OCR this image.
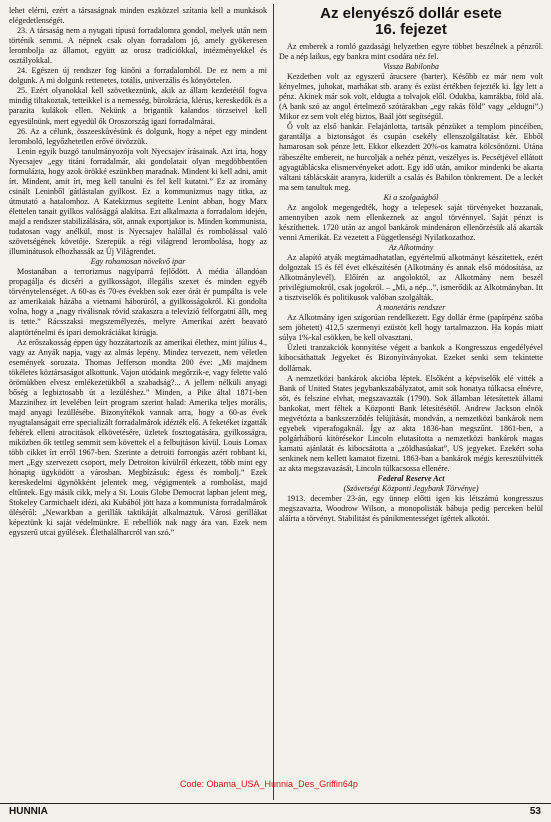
lehet elérni, ezért a társaságnak minden eszközzel szítania kell a munkások elégedetlenségét.

23. A társaság nem a nyugati típusú forradalomra gondol, melyek után nem történik semmi. A népnek csak olyan forradalom jó, amely gyökeresen lerombolja az államot, együtt az orosz tradíciókkal, intézményekkel és osztályokkal.

24. Egészen új rendszer fog kinőni a forradalomból. De ez nem a mi dolgunk. A mi dolgunk rettenetes, totális, univerzális és könyörtelen.

25. Ezért olyanokkal kell szövetkeznünk, akik az állam kezdetétől fogva mindig tiltakoztak, tetteikkel is a nemesség, bürokrácia, klérus, kereskedők és a parazita kulákok ellen. Nekünk a brigantik kalandos törzseivel kell egyesülnünk, mert egyedül ők Oroszország igazi forradalmárai.

26. Az a célunk, összeeskůvésünk és dolgunk, hogy a népet egy mindent leromboló, legyőzhetetlen erővé ötvözzük.

Lenin egyik buzgó tanulmányozója volt Nyecsajev írásainak. Azt írta, hogy Nyecsajev „egy titáni forradalmár, aki gondolatait olyan megdöbbentően formulázta, hogy azok örökké eszünkben maradnak. Mindent ki kell adni, amit írt. Mindent, amit írt, meg kell tanulni és fel kell kutatni.” Ez az irománу csinált Leninből gátlástalan gyilkost. Ez a kommunizmus nagy titka, az útmutató a hatalomhoz. A Katekizmus segítette Lenint abban, hogy Marx élettelen tanait gyilkos valósággá alakítsa. Ezt alkalmazta a forradalom idején, majd a rendszer stabilizálására, sőt, annak exportjakor is. Minden kommunista, tudatosan vagy anélkül, most is Nyecsajev halállal és rombolással való szövetségének követője. Szerepük a régi világrend lerombolása, hogy az illuminátusok elhozhassák az Új Világrendet.

Egy rohamosan növekvő ipar

Mostanában a terrorizmus nagyiparrá fejlődött. A média állandóan propagálja és dicséri a gyilkosságot, illegális szexet és minden egyéb törvénytelenséget. A 60-as és 70-es években sok ezer órát ér pumpálta is vele az amerikaiak házába a vietnami háborúról, a gyilkosságokról. Ki gondolta volna, hogy a „nagy riválisnak rövid szakaszra a televízió felforgatni állt, meg is tette.” Rácsszaksi megszemélyezés, melyre Amerikai azért beavató alaptörténelmi és ipari demokráciákat kirúgja.

Az erőszakosság éppen úgy hozzátartozik az amerikai élethez, mint július 4., vagy az Anyák napja, vagy az almás lepény. Mindez tervezett, nem véletlen események sorozata. Thomas Jefferson mondta 200 éve: „Mi majdnem tökéletes köztársaságot alkottunk. Vajon utódaink megőrzik-e, vagy felette való örömükben elvesz emlékezetükből a szabadság?... A jellem nélküli anyagi bőség a legbiztosabb út a lezüléshez.” Minden, a Pike által 1871-ben Mazzinihez írt levelében leírt program szerint halad: Amerika teljes morális, majd anyagi lezüllésébe. Bizonyítékok vannak arra, hogy a 60-as évek nyugtalanságait erre specializált forradalmárok idézték elő. A feketéket izgatták fehérek elleni atrocitások elkövetésére, üzletek fosztogatására, gyilkosságra, miközben ők tettleg semmit sem követtek el a felbujtáson kívül. Louis Lomax több cikket írt erről 1967-ben. Szerinte a detroiti forrongás azért robbant ki, mert „Egy szervezett csoport, mely Detroiton kívülről érkezett, több mint egy hónapig ügyködött a városban. Megbízásuk: égess és rombolj.” Ezek kereskedelmi ügynökként jelentek meg, végigmentek a rombolást, majd eltűntek. Egy másik cikk, mely a St. Louis Globe Democrat lapban jelent meg, Stokeley Carmichaelt idézi, aki Kubából jött haza a kommunista forradalmárok ülésérõl: „Newarkban a gerillák taktikáját alkalmaztuk. Városi gerillákat képeztünk ki saját védelmünkre. E rebelliók nak nagy ára van. Ezek nem egyszerű utcai gyűlések. Élethalálharcról van szó.”

Az elenyésző dollár esete
16. fejezet

Az emberek a romló gazdasági helyzetben egyre többet beszélnek a pénzről. De a nép laikus, egy bankra mint csodára néz fel.

Vissza Babilonba

Kezdetben volt az egyszerű árucsere (barter). Később ez már nem volt kényelmes, juhokat, marhákat stb. arany és ezüst értékben fejezték ki. Így lett a pénz. Akinek már sok volt, eldugta a tolvajok elől. Odukba, kamrákba, föld alá. (A bank szó az angol értelmező szótárakban „egy rakás föld” vagy „eldugni”.) Mikor ez sem volt elég biztos, Baál jött segítségül.

Ő volt az első bankár. Felajánlotta, tartsák pénzüket a templom pincéiben, garantálja a biztonságot és csupán csekély ellenszolgáltatást kér. Ebből hamarosan sok pénze lett. Ekkor elkezdett 20%-os kamatra kölcsönözni. Utána rábeszélte embereit, ne hurcolják a nehéz pénzt, veszélyes is. Pecsétjével ellátott agyagtáblácska elismervényeket adott. Egy idő után, amikor mindenki be akarta váltani táblácskáit aranyra, kiderült a csalás és Babilon tönkrement. De a leckét ma sem tanultuk meg.

Ki a szolgaágból

Az angolok megengedték, hogy a telepesek saját törvényeket hozzanak, amennyiben azok nem ellenkeznek az angol törvénnyel. Saját pénzt is készíthettek. 1720 után az angol bankárok mindenáron ellenőrzésük alá akarták venni Amerikát. Ez vezetett a Függetlenségi Nyilatkozathoz.

Az Alkotmány

Az alapító atyák megtámadhatatlan, egyértelmű alkotmányt készítettek, ezért dolgoztak 15 és fél évet elkészítésén (Alkotmány és annak első módosítása, az Alkotmánylevél). Előírén az angoloktól, az Alkotmány nem beszél privilégiumokról, csak jogokról. – „Mi, a nép...”, ismerődik az Alkotmányban. Itt a tisztviselők és politikusok valóban szolgálták.

A monetáris rendszer

Az Alkotmány igen szigorúan rendelkezett. Egy dollár érme (papírpénz szóba sem jöhetett) 412,5 szermenyi ezüstöt kell hogy tartalmazzon. Ha kopás miatt súlya 1%-kal csökken, be kell olvasztani.

Üzleti tranzakciók konnyítése végett a bankok a Kongresszus engedélyével kibocsáthattak Jegyeket és Bizonyítványokat. Ezeket senki sem tekintette dollárnak.

A nemzetközi bankárok akcióba léptek. Elsőként a képviselők elé vitték a Bank of United States jegybankszabályzatot, amit sok honatya túlkacsa elnévre, sőt, és felszine elvhat, megszavazták (1790). Sok államban létesítettek állami bankokat, mert féltek a Központi Bank létesítésétől. Andrew Jackson elnök megvétózta a bankszerződés felújítását, mondván, a nemzetközi bankárok nem egyebek viperafogaknál. Így az akta 1836-ban megszűnt. 1861-ben, a polgárháború kitörésekor Lincoln elutasította a nemzetközi bankárok magas kamatú ajánlatát és kibocsátotta a „zöldhasúakat”, US jegyeket. Ezekért soha senkinek nem kellett kamatot fizetni. 1863-ban a bankárok mégis keresztülvitték az akta megszavazását, Lincoln túlkacsossa ellenére.

Federal Reserve Act

(Szövetségi Központi Jegybank Törvénye)

1913. december 23-án, egy ünnep előtti igen kis létszámú kongresszus megszavazta, Woodrow Wilson, a monopolisták bábuja pedig perceken belül aláírta a törvényt. Stabilitást és pánikmentességet ígértek alkotói.

Code: Obama_USA_Hunnia_Des_Griffin64p
HUNNIA	53
